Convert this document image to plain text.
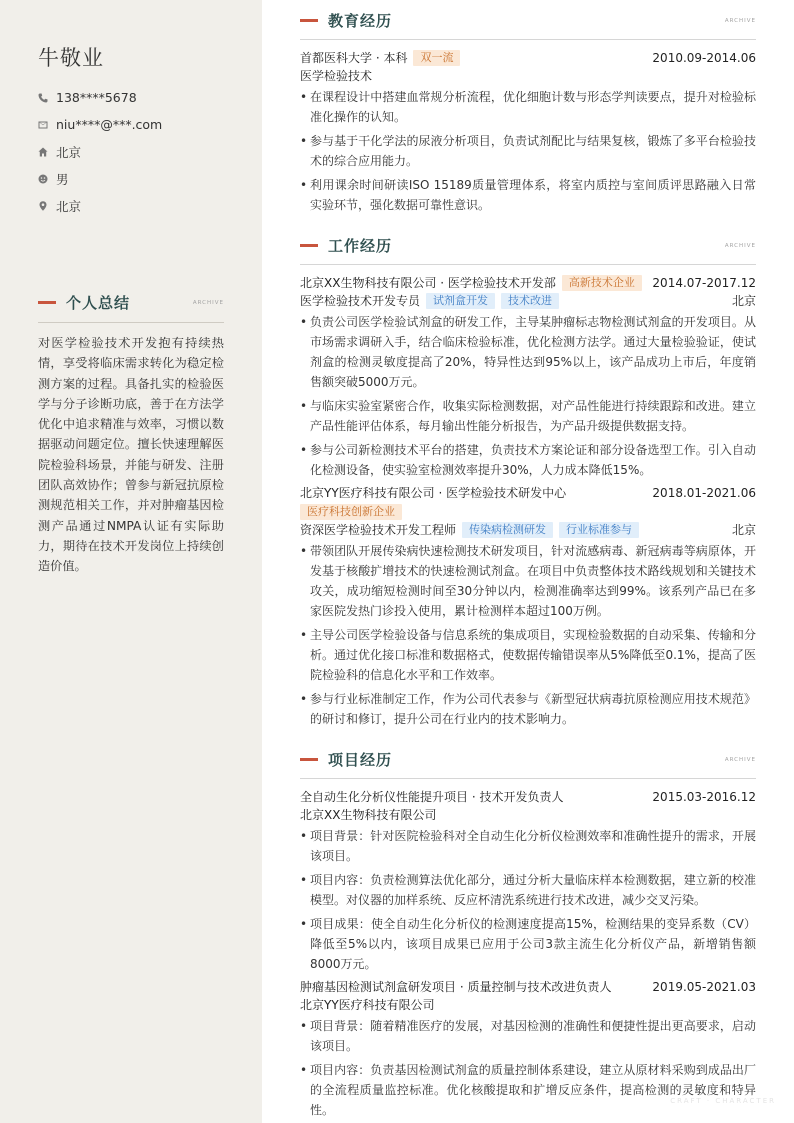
牛敬业
138****5678
niu****@***.com
北京
男
北京
个人总结	ARCHIVE

对医学检验技术开发抱有持续热情，享受将临床需求转化为稳定检测方案的过程。具备扎实的检验医学与分子诊断功底，善于在方法学优化中追求精准与效率，习惯以数据驱动问题定位。擅长快速理解医院检验科场景，并能与研发、注册团队高效协作；曾参与新冠抗原检测规范相关工作，并对肿瘤基因检测产品通过NMPA认证有实际助力，期待在技术开发岗位上持续创造价值。

教育经历	ARCHIVE
首都医科大学 · 本科	双一流	2010.09-2014.06
医学检验技术
• 在课程设计中搭建血常规分析流程，优化细胞计数与形态学判读要点，提升对检验标准化操作的认知。
• 参与基于干化学法的尿液分析项目，负责试剂配比与结果复核，锻炼了多平台检验技术的综合应用能力。
• 利用课余时间研读ISO 15189质量管理体系，将室内质控与室间质评思路融入日常实验环节，强化数据可靠性意识。
工作经历	ARCHIVE
北京XX生物科技有限公司 · 医学检验技术开发部	高新技术企业	2014.07-2017.12
医学检验技术开发专员	试剂盒开发	技术改进	北京
• 负责公司医学检验试剂盒的研发工作，主导某肿瘤标志物检测试剂盒的开发项目。从市场需求调研入手，结合临床检验标准，优化检测方法学。通过大量检验验证，使试剂盒的检测灵敏度提高了20%，特异性达到95%以上，该产品成功上市后，年度销售额突破5000万元。
• 与临床实验室紧密合作，收集实际检测数据，对产品性能进行持续跟踪和改进。建立产品性能评估体系，每月输出性能分析报告，为产品升级提供数据支持。
• 参与公司新检测技术平台的搭建，负责技术方案论证和部分设备选型工作。引入自动化检测设备，使实验室检测效率提升30%，人力成本降低15%。
北京YY医疗科技有限公司 · 医学检验技术研发中心	2018.01-2021.06
医疗科技创新企业
资深医学检验技术开发工程师	传染病检测研发	行业标准参与	北京
• 带领团队开展传染病快速检测技术研发项目，针对流感病毒、新冠病毒等病原体，开发基于核酸扩增技术的快速检测试剂盒。在项目中负责整体技术路线规划和关键技术攻关，成功缩短检测时间至30分钟以内，检测准确率达到99%。该系列产品已在多家医院发热门诊投入使用，累计检测样本超过100万例。
• 主导公司医学检验设备与信息系统的集成项目，实现检验数据的自动采集、传输和分析。通过优化接口标准和数据格式，使数据传输错误率从5%降低至0.1%，提高了医院检验科的信息化水平和工作效率。
• 参与行业标准制定工作，作为公司代表参与《新型冠状病毒抗原检测应用技术规范》的研讨和修订，提升公司在行业内的技术影响力。
项目经历	ARCHIVE
全自动生化分析仪性能提升项目 · 技术开发负责人	2015.03-2016.12
北京XX生物科技有限公司
• 项目背景：针对医院检验科对全自动生化分析仪检测效率和准确性提升的需求，开展该项目。
• 项目内容：负责检测算法优化部分，通过分析大量临床样本检测数据，建立新的校准模型。对仪器的加样系统、反应杯清洗系统进行技术改进，减少交叉污染。
• 项目成果：使全自动生化分析仪的检测速度提高15%，检测结果的变异系数（CV）降低至5%以内，该项目成果已应用于公司3款主流生化分析仪产品，新增销售额8000万元。
肿瘤基因检测试剂盒研发项目 · 质量控制与技术改进负责人	2019.05-2021.03
北京YY医疗科技有限公司
• 项目背景：随着精准医疗的发展，对基因检测的准确性和便捷性提出更高要求，启动该项目。
• 项目内容：负责基因检测试剂盒的质量控制体系建设，建立从原材料采购到成品出厂的全流程质量监控标准。优化核酸提取和扩增反应条件，提高检测的灵敏度和特异性。
CRAFT · CHARACTER
